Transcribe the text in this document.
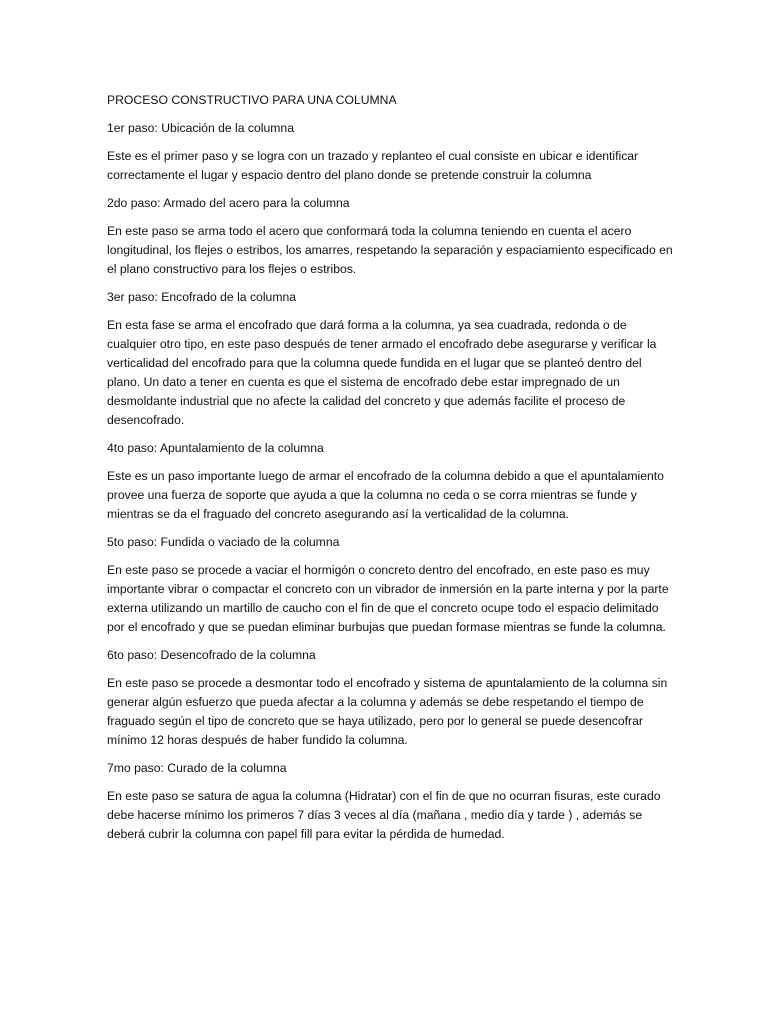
PROCESO CONSTRUCTIVO PARA UNA COLUMNA
1er paso: Ubicación de la columna

Este es el primer paso y se logra con un trazado y replanteo el cual consiste en ubicar e identificar correctamente el lugar y espacio dentro del plano donde se pretende construir la columna

2do paso: Armado del acero para la columna

En este paso se arma todo el acero que conformará toda la columna teniendo en cuenta el acero longitudinal, los flejes o estribos, los amarres, respetando la separación y espaciamiento especificado en el plano constructivo para los flejes o estribos.

3er paso: Encofrado de la columna

En esta fase se arma el encofrado que dará forma a la columna, ya sea cuadrada, redonda o de cualquier otro tipo, en este paso después de tener armado el encofrado debe asegurarse y verificar la verticalidad del encofrado para que la columna quede fundida en el lugar que se planteó dentro del plano. Un dato a tener en cuenta es que el sistema de encofrado debe estar impregnado de un desmoldante industrial que no afecte la calidad del concreto y que además facilite el proceso de desencofrado.

4to paso: Apuntalamiento de la columna

Este es un paso importante luego de armar el encofrado de la columna debido a que el apuntalamiento provee una fuerza de soporte que ayuda a que la columna no ceda o se corra mientras se funde y mientras se da el fraguado del concreto asegurando así la verticalidad de la columna.

5to paso: Fundida o vaciado de la columna

En este paso se procede a vaciar el hormigón o concreto dentro del encofrado, en este paso es muy importante vibrar o compactar el concreto con un vibrador de inmersión en la parte interna y por la parte externa utilizando un martillo de caucho con el fin de que el concreto ocupe todo el espacio delimitado por el encofrado y que se puedan eliminar burbujas que puedan formase mientras se funde la columna.

6to paso: Desencofrado de la columna

En este paso se procede a desmontar todo el encofrado y sistema de apuntalamiento de la columna sin generar algún esfuerzo que pueda afectar a la columna y además se debe respetando el tiempo de fraguado según el tipo de concreto que se haya utilizado, pero por lo general se puede desencofrar mínimo 12 horas después de haber fundido la columna.

7mo paso: Curado de la columna

En este paso se satura de agua la columna (Hidratar) con el fin de que no ocurran fisuras, este curado debe hacerse mínimo los primeros 7 días 3 veces al día (mañana , medio día y tarde ) , además se deberá cubrir la columna con papel fill para evitar la pérdida de humedad.
